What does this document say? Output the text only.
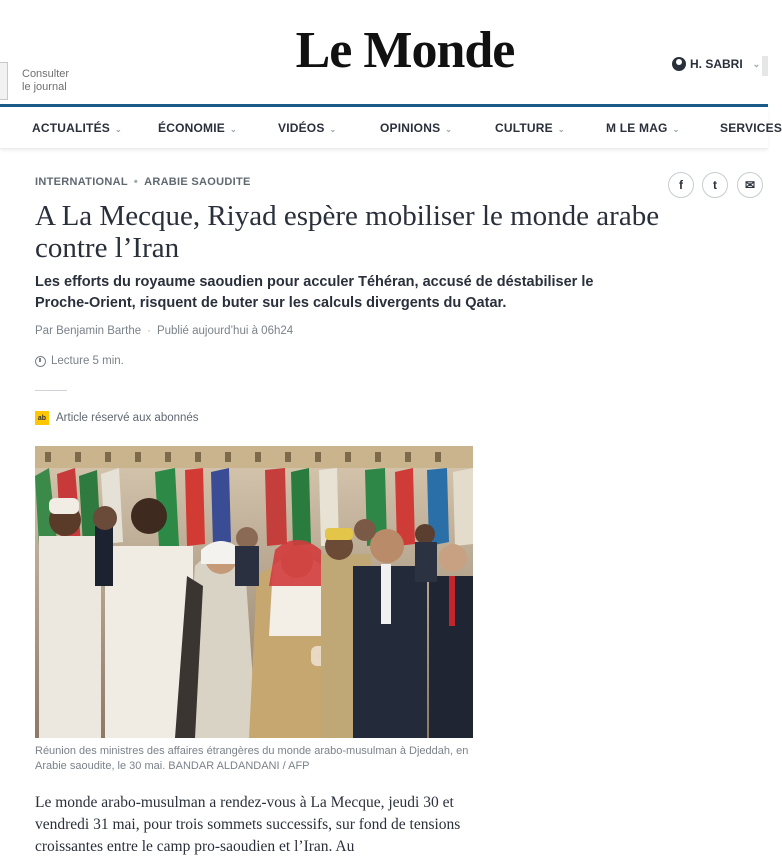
Consulter
le journal
Le Monde	H. SABRI ⌄
ACTUALITÉS ⌄	ÉCONOMIE ⌄	VIDÉOS ⌄	OPINIONS ⌄	CULTURE ⌄	M LE MAG ⌄	SERVICES
INTERNATIONAL • ARABIE SAOUDITE	f	t ✉
A La Mecque, Riyad espère mobiliser le monde arabe contre l’Iran

Les efforts du royaume saoudien pour acculer Téhéran, accusé de déstabiliser le Proche-Orient, risquent de buter sur les calculs divergents du Qatar.

Par Benjamin Barthe · Publié aujourd’hui à 06h24
Lecture 5 min.
ab Article réservé aux abonnés

Réunion des ministres des affaires étrangères du monde arabo-musulman à Djeddah, en Arabie saoudite, le 30 mai. BANDAR ALDANDANI / AFP

Le monde arabo-musulman a rendez-vous à La Mecque, jeudi 30 et vendredi 31 mai, pour trois sommets successifs, sur fond de tensions croissantes entre le camp pro-saoudien et l’Iran. Au
